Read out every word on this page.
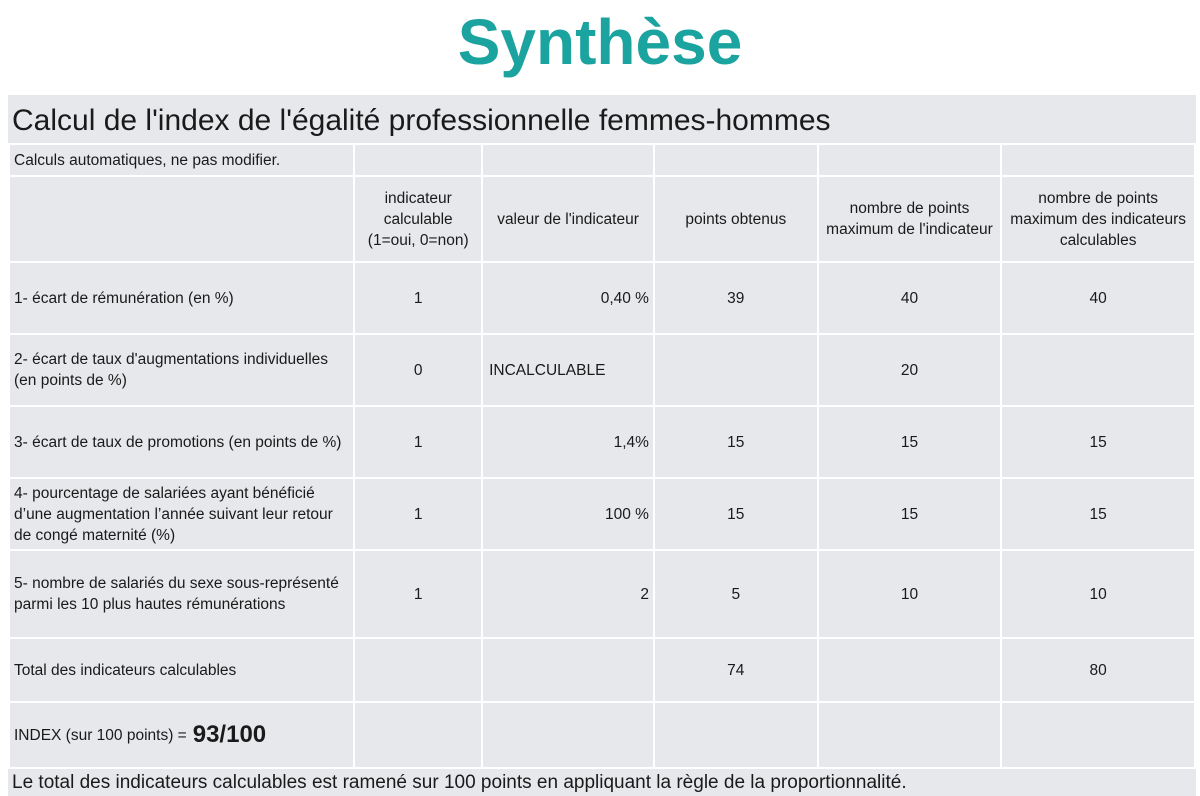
Synthèse
Calcul de l'index de l'égalité professionnelle femmes-hommes
Calculs automatiques, ne pas modifier.					
	indicateur calculable (1=oui, 0=non)	valeur de l'indicateur	points obtenus	nombre de points maximum de l'indicateur	nombre de points maximum des indicateurs calculables
1- écart de rémunération (en %)	1	0,40 %	39	40	40
2- écart de taux d'augmentations individuelles (en points de %)	0	INCALCULABLE		20	
3- écart de taux de promotions (en points de %)	1	1,4%	15	15	15
4- pourcentage de salariées ayant bénéficié d’une augmentation l’année suivant leur retour de congé maternité (%)	1	100 %	15	15	15
5- nombre de salariés du sexe sous-représenté parmi les 10 plus hautes rémunérations	1	2	5	10	10
Total des indicateurs calculables			74		80
INDEX (sur 100 points) = 93/100					
Le total des indicateurs calculables est ramené sur 100 points en appliquant la règle de la proportionnalité.
